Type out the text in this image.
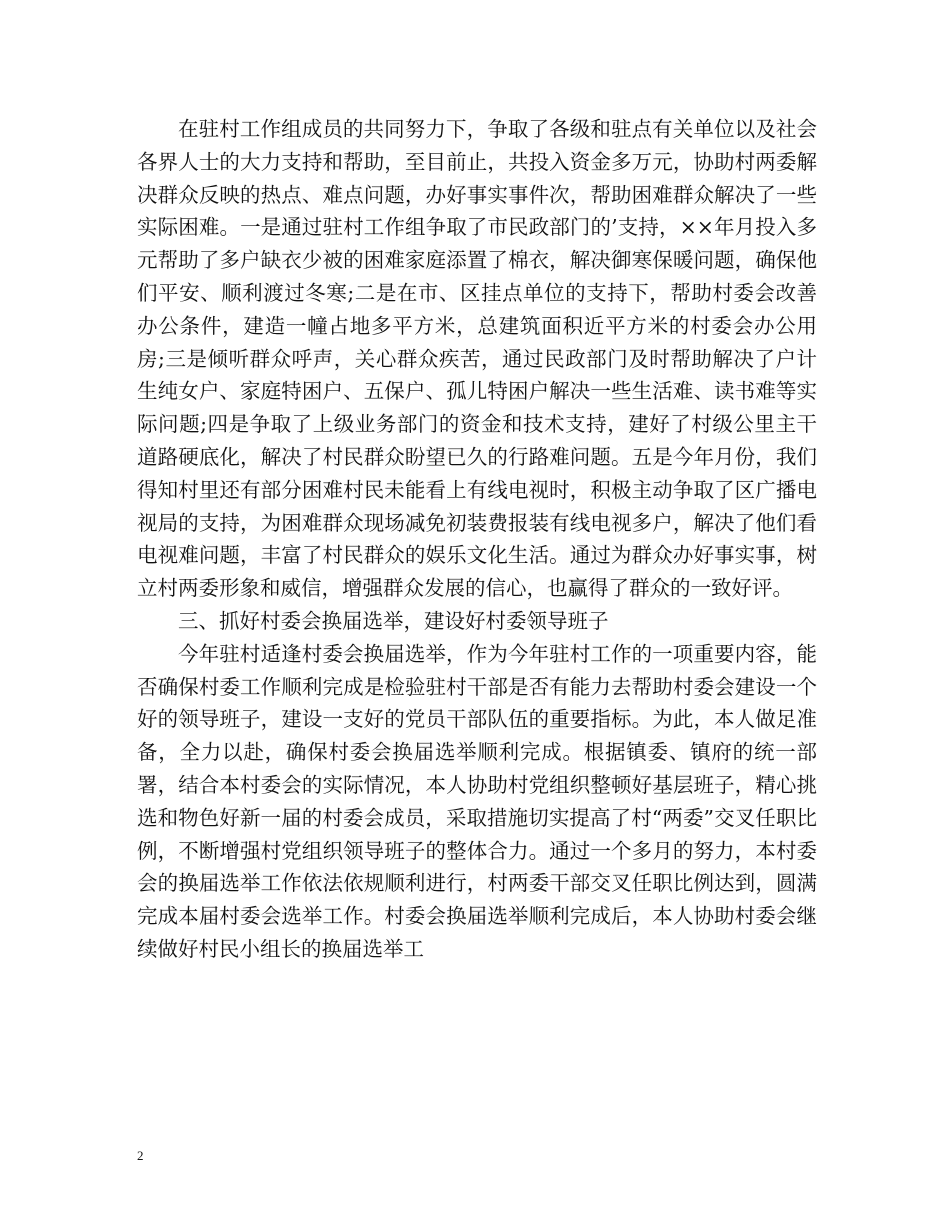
在驻村工作组成员的共同努力下，争取了各级和驻点有关单位以及社会各界人士的大力支持和帮助，至目前止，共投入资金多万元，协助村两委解决群众反映的热点、难点问题，办好事实事件次，帮助困难群众解决了一些实际困难。一是通过驻村工作组争取了市民政部门的’支持，××年月投入多元帮助了多户缺衣少被的困难家庭添置了棉衣，解决御寒保暖问题，确保他们平安、顺利渡过冬寒;二是在市、区挂点单位的支持下，帮助村委会改善办公条件，建造一幢占地多平方米，总建筑面积近平方米的村委会办公用房;三是倾听群众呼声，关心群众疾苦，通过民政部门及时帮助解决了户计生纯女户、家庭特困户、五保户、孤儿特困户解决一些生活难、读书难等实际问题;四是争取了上级业务部门的资金和技术支持，建好了村级公里主干道路硬底化，解决了村民群众盼望已久的行路难问题。五是今年月份，我们得知村里还有部分困难村民未能看上有线电视时，积极主动争取了区广播电视局的支持，为困难群众现场减免初装费报装有线电视多户，解决了他们看电视难问题，丰富了村民群众的娱乐文化生活。通过为群众办好事实事，树立村两委形象和威信，增强群众发展的信心，也赢得了群众的一致好评。

三、抓好村委会换届选举，建设好村委领导班子

今年驻村适逢村委会换届选举，作为今年驻村工作的一项重要内容，能否确保村委工作顺利完成是检验驻村干部是否有能力去帮助村委会建设一个好的领导班子，建设一支好的党员干部队伍的重要指标。为此，本人做足准备，全力以赴，确保村委会换届选举顺利完成。根据镇委、镇府的统一部署，结合本村委会的实际情况，本人协助村党组织整顿好基层班子，精心挑选和物色好新一届的村委会成员，采取措施切实提高了村“两委”交叉任职比例，不断增强村党组织领导班子的整体合力。通过一个多月的努力，本村委会的换届选举工作依法依规顺利进行，村两委干部交叉任职比例达到，圆满完成本届村委会选举工作。村委会换届选举顺利完成后，本人协助村委会继续做好村民小组长的换届选举工

2
